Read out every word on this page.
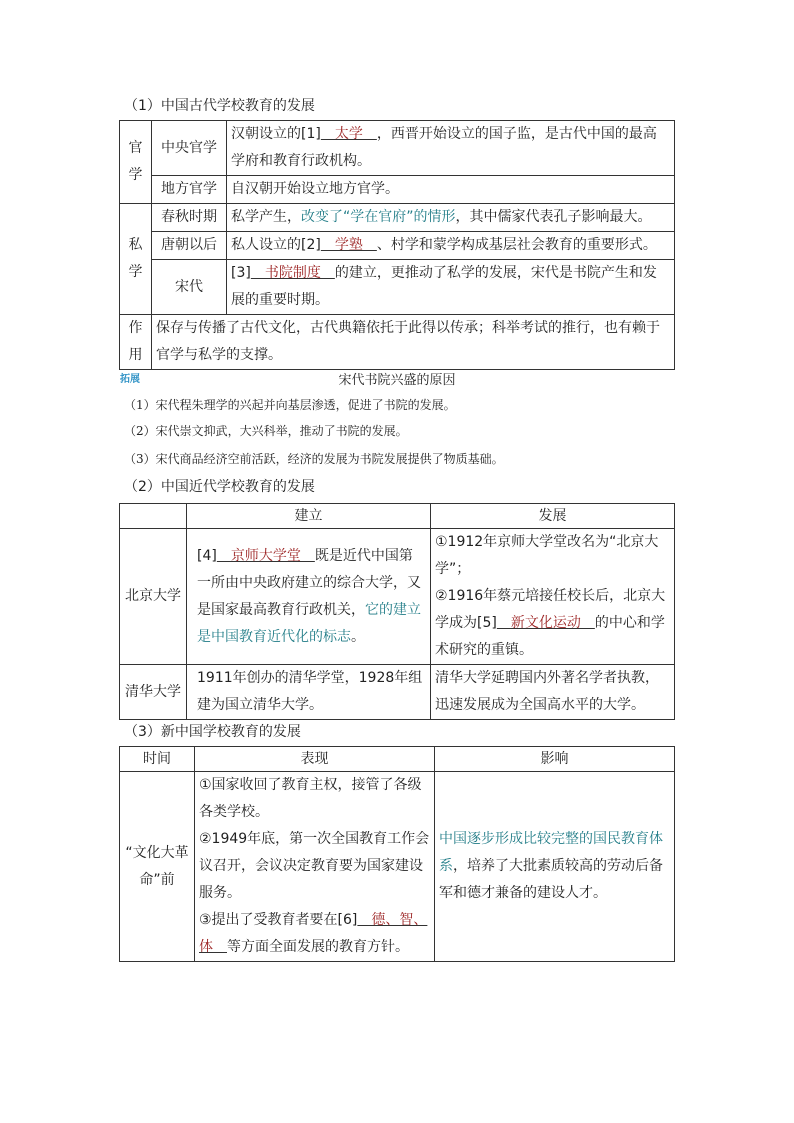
（1）中国古代学校教育的发展
官学	中央官学	汉朝设立的[1]　太学　，西晋开始设立的国子监，是古代中国的最高学府和教育行政机构。
	地方官学	自汉朝开始设立地方官学。
私学	春秋时期	私学产生，改变了“学在官府”的情形，其中儒家代表孔子影响最大。
	唐朝以后	私人设立的[2]　学塾　、村学和蒙学构成基层社会教育的重要形式。
	宋代	[3]　书院制度　的建立，更推动了私学的发展，宋代是书院产生和发展的重要时期。
作用	保存与传播了古代文化，古代典籍依托于此得以传承；科举考试的推行，也有赖于官学与私学的支撑。	
拓展	宋代书院兴盛的原因
（1）宋代程朱理学的兴起并向基层渗透，促进了书院的发展。
（2）宋代崇文抑武，大兴科举，推动了书院的发展。
（3）宋代商品经济空前活跃，经济的发展为书院发展提供了物质基础。
（2）中国近代学校教育的发展
	建立	发展
北京大学	[4]　京师大学堂　既是近代中国第一所由中央政府建立的综合大学，又是国家最高教育行政机关，它的建立是中国教育近代化的标志。	①1912年京师大学堂改名为“北京大学”；
②1916年蔡元培接任校长后，北京大学成为[5]　新文化运动　的中心和学术研究的重镇。

清华大学	1911年创办的清华学堂，1928年组建为国立清华大学。	清华大学延聘国内外著名学者执教，迅速发展成为全国高水平的大学。
（3）新中国学校教育的发展
时间	表现	影响
“文化大革命”前	①国家收回了教育主权，接管了各级各类学校。
②1949年底，第一次全国教育工作会议召开，会议决定教育要为国家建设服务。
③提出了受教育者要在[6]　德、智、体　等方面全面发展的教育方针。	中国逐步形成比较完整的国民教育体系，培养了大批素质较高的劳动后备军和德才兼备的建设人才。
